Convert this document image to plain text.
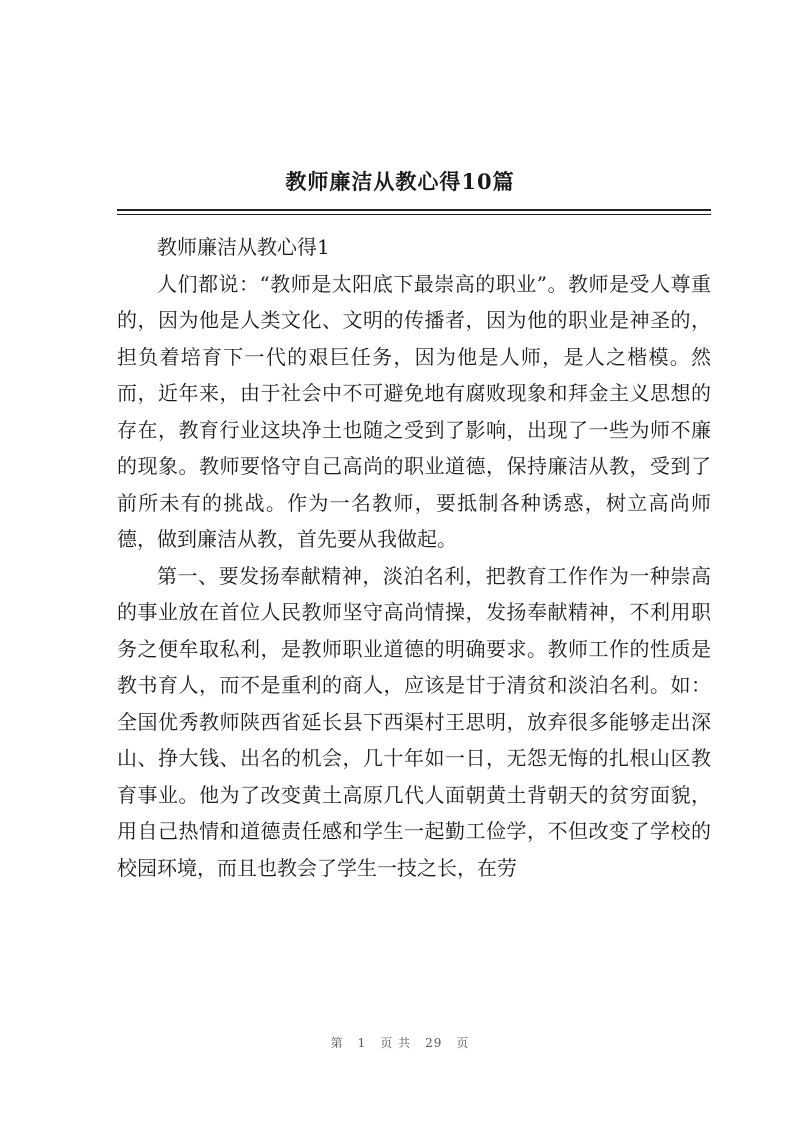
教师廉洁从教心得10篇

教师廉洁从教心得1

人们都说：“教师是太阳底下最崇高的职业”。教师是受人尊重的，因为他是人类文化、文明的传播者，因为他的职业是神圣的，担负着培育下一代的艰巨任务，因为他是人师，是人之楷模。然而，近年来，由于社会中不可避免地有腐败现象和拜金主义思想的存在，教育行业这块净土也随之受到了影响，出现了一些为师不廉的现象。教师要恪守自己高尚的职业道德，保持廉洁从教，受到了前所未有的挑战。作为一名教师，要抵制各种诱惑，树立高尚师德，做到廉洁从教，首先要从我做起。

第一、要发扬奉献精神，淡泊名利，把教育工作作为一种崇高的事业放在首位人民教师坚守高尚情操，发扬奉献精神，不利用职务之便牟取私利，是教师职业道德的明确要求。教师工作的性质是教书育人，而不是重利的商人，应该是甘于清贫和淡泊名利。如：全国优秀教师陕西省延长县下西渠村王思明，放弃很多能够走出深山、挣大钱、出名的机会，几十年如一日，无怨无悔的扎根山区教育事业。他为了改变黄土高原几代人面朝黄土背朝天的贫穷面貌，用自己热情和道德责任感和学生一起勤工俭学，不但改变了学校的校园环境，而且也教会了学生一技之长，在劳

第 1 页 共 29 页
